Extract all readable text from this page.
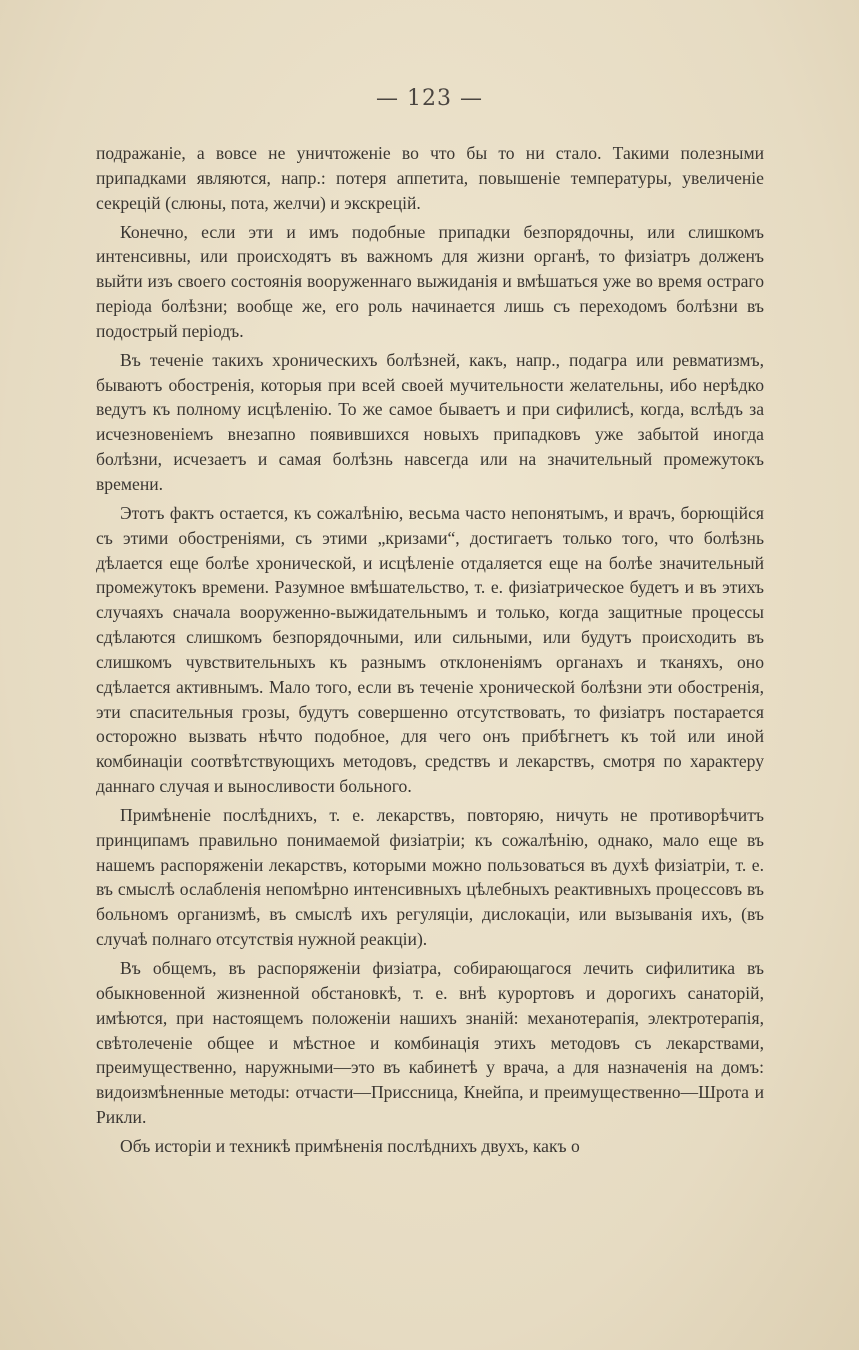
— 123 —

подражаніе, а вовсе не уничтоженіе во что бы то ни стало. Такими полезными припадками являются, напр.: потеря аппетита, повышеніе температуры, увеличеніе секрецій (слюны, пота, желчи) и экскрецій.

Конечно, если эти и имъ подобные припадки безпорядочны, или слишкомъ интенсивны, или происходятъ въ важномъ для жизни органѣ, то физіатръ долженъ выйти изъ своего состоянія вооруженнаго выжиданія и вмѣшаться уже во время остраго періода болѣзни; вообще же, его роль начинается лишь съ переходомъ болѣзни въ подострый періодъ.

Въ теченіе такихъ хроническихъ болѣзней, какъ, напр., подагра или ревматизмъ, бываютъ обостренія, которыя при всей своей мучительности желательны, ибо нерѣдко ведутъ къ полному исцѣленію. То же самое бываетъ и при сифилисѣ, когда, вслѣдъ за исчезновеніемъ внезапно появившихся новыхъ припадковъ уже забытой иногда болѣзни, исчезаетъ и самая болѣзнь навсегда или на значительный промежутокъ времени.

Этотъ фактъ остается, къ сожалѣнію, весьма часто непонятымъ, и врачъ, борющійся съ этими обостреніями, съ этими „кризами“, достигаетъ только того, что болѣзнь дѣлается еще болѣе хронической, и исцѣленіе отдаляется еще на болѣе значительный промежутокъ времени. Разумное вмѣшательство, т. е. физіатрическое будетъ и въ этихъ случаяхъ сначала вооруженно-выжидательнымъ и только, когда защитные процессы сдѣлаются слишкомъ безпорядочными, или сильными, или будутъ происходить въ слишкомъ чувствительныхъ къ разнымъ отклоненіямъ органахъ и тканяхъ, оно сдѣлается активнымъ. Мало того, если въ теченіе хронической болѣзни эти обостренія, эти спасительныя грозы, будутъ совершенно отсутствовать, то физіатръ постарается осторожно вызвать нѣчто подобное, для чего онъ прибѣгнетъ къ той или иной комбинаціи соотвѣтствующихъ методовъ, средствъ и лекарствъ, смотря по характеру даннаго случая и выносливости больного.

Примѣненіе послѣднихъ, т. е. лекарствъ, повторяю, ничуть не противорѣчитъ принципамъ правильно понимаемой физіатріи; къ сожалѣнію, однако, мало еще въ нашемъ распоряженіи лекарствъ, которыми можно пользоваться въ духѣ физіатріи, т. е. въ смыслѣ ослабленія непомѣрно интенсивныхъ цѣлебныхъ реактивныхъ процессовъ въ больномъ организмѣ, въ смыслѣ ихъ регуляціи, дислокаціи, или вызыванія ихъ, (въ случаѣ полнаго отсутствія нужной реакціи).

Въ общемъ, въ распоряженіи физіатра, собирающагося лечить сифилитика въ обыкновенной жизненной обстановкѣ, т. е. внѣ курортовъ и дорогихъ санаторій, имѣются, при настоящемъ положеніи нашихъ знаній: механотерапія, электротерапія, свѣтолеченіе общее и мѣстное и комбинація этихъ методовъ съ лекарствами, преимущественно, наружными—это въ кабинетѣ у врача, а для назначенія на домъ: видоизмѣненные методы: отчасти—Приссница, Кнейпа, и преимущественно—Шрота и Рикли.

Объ исторіи и техникѣ примѣненія послѣднихъ двухъ, какъ о
